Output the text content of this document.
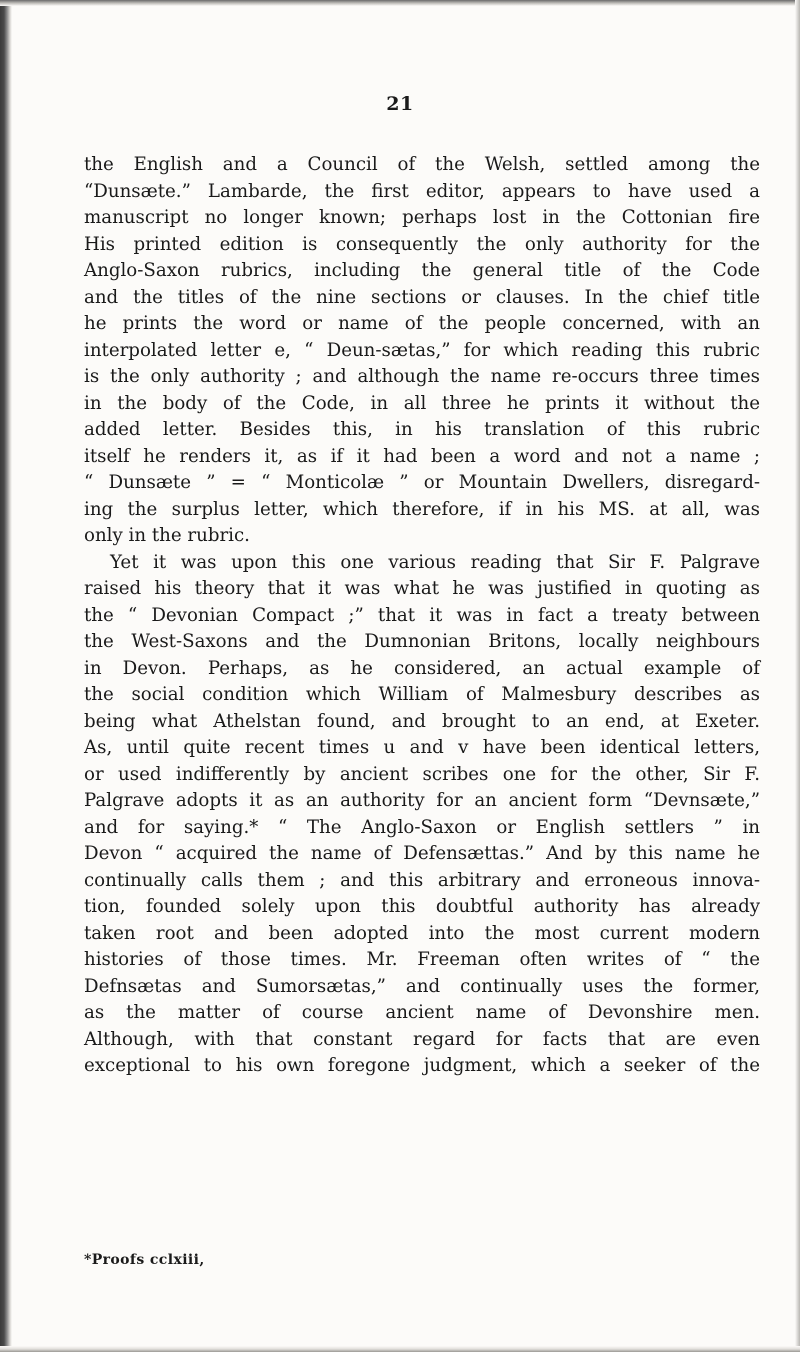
21
the English and a Council of the Welsh, settled among the
“Dunsæte.” Lambarde, the first editor, appears to have used a
manuscript no longer known; perhaps lost in the Cottonian fire
His printed edition is consequently the only authority for the
Anglo-Saxon rubrics, including the general title of the Code
and the titles of the nine sections or clauses. In the chief title
he prints the word or name of the people concerned, with an
interpolated letter e, “ Deun-sætas,” for which reading this rubric
is the only authority ; and although the name re-occurs three times
in the body of the Code, in all three he prints it without the
added letter. Besides this, in his translation of this rubric
itself he renders it, as if it had been a word and not a name ;
“ Dunsæte ” = “ Monticolæ ” or Mountain Dwellers, disregard-
ing the surplus letter, which therefore, if in his MS. at all, was
only in the rubric.
Yet it was upon this one various reading that Sir F. Palgrave
raised his theory that it was what he was justified in quoting as
the “ Devonian Compact ;” that it was in fact a treaty between
the West-Saxons and the Dumnonian Britons, locally neighbours
in Devon. Perhaps, as he considered, an actual example of
the social condition which William of Malmesbury describes as
being what Athelstan found, and brought to an end, at Exeter.
As, until quite recent times u and v have been identical letters,
or used indifferently by ancient scribes one for the other, Sir F.
Palgrave adopts it as an authority for an ancient form “Devnsæte,”
and for saying.* “ The Anglo-Saxon or English settlers ” in
Devon “ acquired the name of Defensættas.” And by this name he
continually calls them ; and this arbitrary and erroneous innova-
tion, founded solely upon this doubtful authority has already
taken root and been adopted into the most current modern
histories of those times. Mr. Freeman often writes of “ the
Defnsætas and Sumorsætas,” and continually uses the former,
as the matter of course ancient name of Devonshire men.
Although, with that constant regard for facts that are even
exceptional to his own foregone judgment, which a seeker of the
*Proofs cclxiii,
